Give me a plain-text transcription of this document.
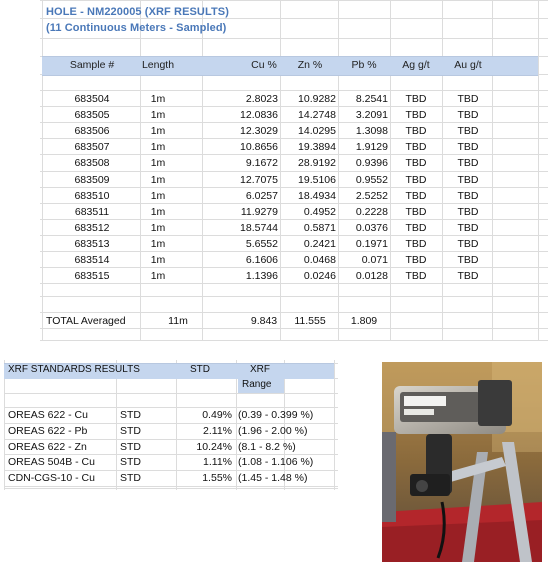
HOLE - NM220005 (XRF RESULTS)
(11 Continuous Meters - Sampled)
Sample #	Length	Cu %	Zn %	Pb %	Ag g/t	Au g/t
683504	1m	2.8023	10.9282	8.2541	TBD	TBD
683505	1m	12.0836	14.2748	3.2091	TBD	TBD
683506	1m	12.3029	14.0295	1.3098	TBD	TBD
683507	1m	10.8656	19.3894	1.9129	TBD	TBD
683508	1m	9.1672	28.9192	0.9396	TBD	TBD
683509	1m	12.7075	19.5106	0.9552	TBD	TBD
683510	1m	6.0257	18.4934	2.5252	TBD	TBD
683511	1m	11.9279	0.4952	0.2228	TBD	TBD
683512	1m	18.5744	0.5871	0.0376	TBD	TBD
683513	1m	5.6552	0.2421	0.1971	TBD	TBD
683514	1m	6.1606	0.0468	0.071	TBD	TBD
683515	1m	1.1396	0.0246	0.0128	TBD	TBD
TOTAL Averaged	11m	9.843	11.555	1.809
XRF STANDARDS RESULTS	STD	XRF
Range
OREAS 622 - Cu	STD	0.49% (0.39 - 0.399 %)
OREAS 622 - Pb	STD	2.11% (1.96 - 2.00 %)
OREAS 622 - Zn	STD	10.24% (8.1 - 8.2 %)
OREAS 504B - Cu STD	1.11% (1.08 - 1.106 %)
CDN-CGS-10 - Cu STD	1.55% (1.45 - 1.48 %)
